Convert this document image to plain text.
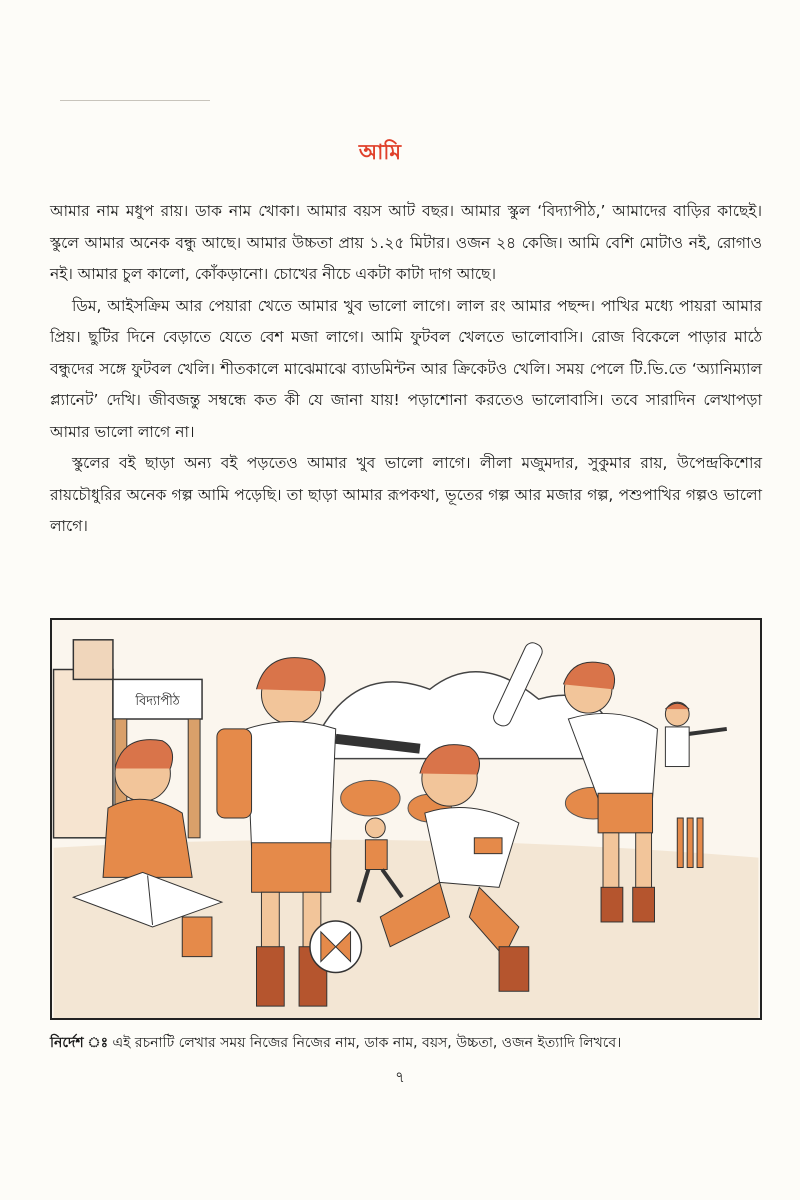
আমি

আমার নাম মধুপ রায়। ডাক নাম খোকা। আমার বয়স আট বছর। আমার স্কুল ‘বিদ্যাপীঠ,’ আমাদের বাড়ির কাছেই। স্কুলে আমার অনেক বন্ধু আছে। আমার উচ্চতা প্রায় ১.২৫ মিটার। ওজন ২৪ কেজি। আমি বেশি মোটাও নই, রোগাও নই। আমার চুল কালো, কোঁকড়ানো। চোখের নীচে একটা কাটা দাগ আছে।

ডিম, আইসক্রিম আর পেয়ারা খেতে আমার খুব ভালো লাগে। লাল রং আমার পছন্দ। পাখির মধ্যে পায়রা আমার প্রিয়। ছুটির দিনে বেড়াতে যেতে বেশ মজা লাগে। আমি ফুটবল খেলতে ভালোবাসি। রোজ বিকেলে পাড়ার মাঠে বন্ধুদের সঙ্গে ফুটবল খেলি। শীতকালে মাঝেমাঝে ব্যাডমিন্টন আর ক্রিকেটও খেলি। সময় পেলে টি.ভি.তে ‘অ্যানিম্যাল প্ল্যানেট’ দেখি। জীবজন্তু সম্বন্ধে কত কী যে জানা যায়! পড়াশোনা করতেও ভালোবাসি। তবে সারাদিন লেখাপড়া আমার ভালো লাগে না।

স্কুলের বই ছাড়া অন্য বই পড়তেও আমার খুব ভালো লাগে। লীলা মজুমদার, সুকুমার রায়, উপেন্দ্রকিশোর রায়চৌধুরির অনেক গল্প আমি পড়েছি। তা ছাড়া আমার রূপকথা, ভূতের গল্প আর মজার গল্প, পশুপাখির গল্পও ভালো লাগে।

বিদ্যাপীঠ
নির্দেশ ঃ এই রচনাটি লেখার সময় নিজের নিজের নাম, ডাক নাম, বয়স, উচ্চতা, ওজন ইত্যাদি লিখবে।
৭
